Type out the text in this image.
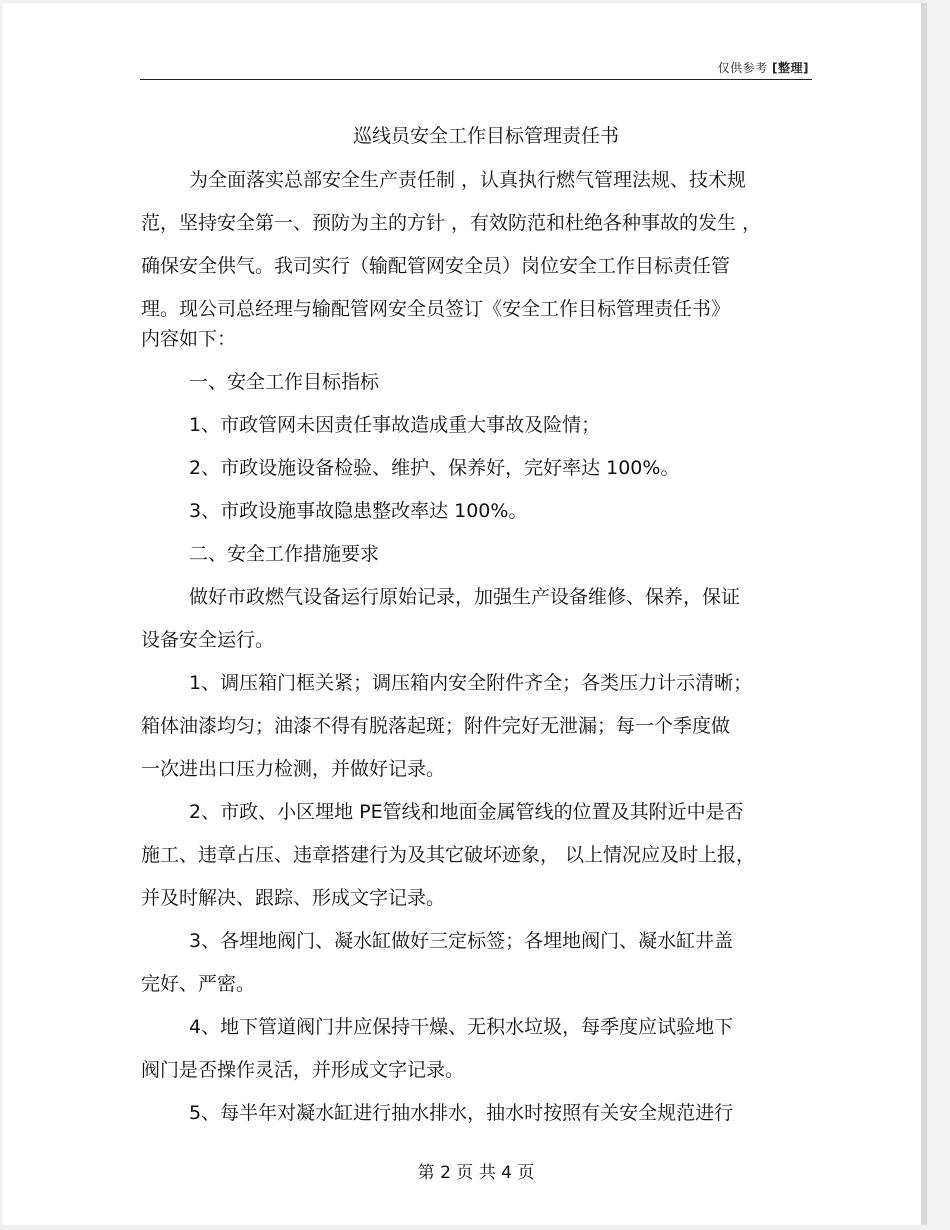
仅供参考 [整理]
巡线员安全工作目标管理责任书
为全面落实总部安全生产责任制 ，认真执行燃气管理法规、技术规
范，坚持安全第一、预防为主的方针 ，有效防范和杜绝各种事故的发生 ，
确保安全供气。我司实行（输配管网安全员）岗位安全工作目标责任管
理。现公司总经理与输配管网安全员签订《安全工作目标管理责任书》
内容如下：
一、安全工作目标指标
1、市政管网未因责任事故造成重大事故及险情；
2、市政设施设备检验、维护、保养好，完好率达 100%。
3、市政设施事故隐患整改率达 100%。
二、安全工作措施要求
做好市政燃气设备运行原始记录，加强生产设备维修、保养，保证
设备安全运行。
1、调压箱门框关紧；调压箱内安全附件齐全；各类压力计示清晰；
箱体油漆均匀；油漆不得有脱落起斑；附件完好无泄漏；每一个季度做
一次进出口压力检测，并做好记录。
2、市政、小区埋地 PE管线和地面金属管线的位置及其附近中是否
施工、违章占压、违章搭建行为及其它破坏迹象， 以上情况应及时上报，
并及时解决、跟踪、形成文字记录。
3、各埋地阀门、凝水缸做好三定标签；各埋地阀门、凝水缸井盖
完好、严密。
4、地下管道阀门井应保持干燥、无积水垃圾，每季度应试验地下
阀门是否操作灵活，并形成文字记录。
5、每半年对凝水缸进行抽水排水，抽水时按照有关安全规范进行
第 2 页 共 4 页
